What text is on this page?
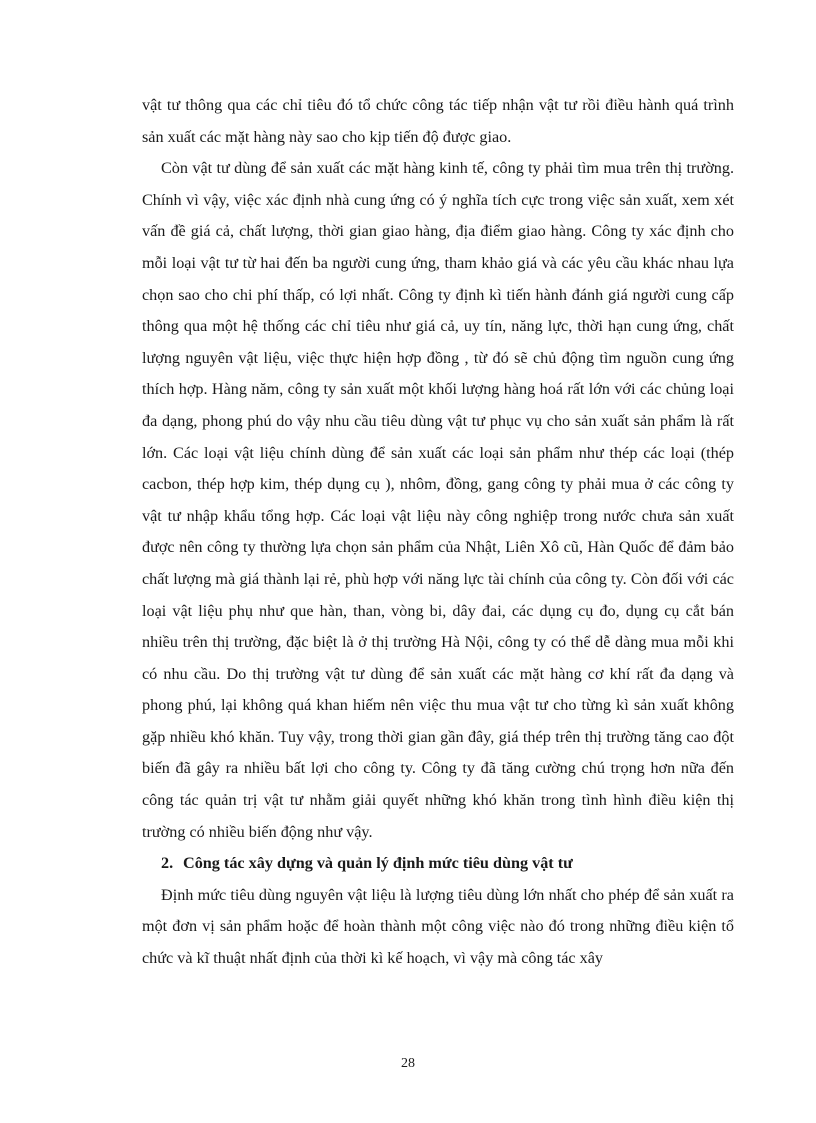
vật tư thông qua các chỉ tiêu đó tổ chức công tác tiếp nhận vật tư rồi điều hành quá trình sản xuất các mặt hàng này sao cho kịp tiến độ được giao.

Còn vật tư dùng để sản xuất các mặt hàng kinh tế, công ty phải tìm mua trên thị trường. Chính vì vậy, việc xác định nhà cung ứng có ý nghĩa tích cực trong việc sản xuất, xem xét vấn đề giá cả, chất lượng, thời gian giao hàng, địa điểm giao hàng. Công ty xác định cho mỗi loại vật tư từ hai đến ba người cung ứng, tham khảo giá và các yêu cầu khác nhau lựa chọn sao cho chi phí thấp, có lợi nhất. Công ty định kì tiến hành đánh giá người cung cấp thông qua một hệ thống các chỉ tiêu như giá cả, uy tín, năng lực, thời hạn cung ứng, chất lượng nguyên vật liệu, việc thực hiện hợp đồng , từ đó sẽ chủ động tìm nguồn cung ứng thích hợp. Hàng năm, công ty sản xuất một khối lượng hàng hoá rất lớn với các chủng loại đa dạng, phong phú do vậy nhu cầu tiêu dùng vật tư phục vụ cho sản xuất sản phẩm là rất lớn. Các loại vật liệu chính dùng để sản xuất các loại sản phẩm như thép các loại (thép cacbon, thép hợp kim, thép dụng cụ ), nhôm, đồng, gang công ty phải mua ở các công ty vật tư nhập khẩu tổng hợp. Các loại vật liệu này công nghiệp trong nước chưa sản xuất được nên công ty thường lựa chọn sản phẩm của Nhật, Liên Xô cũ, Hàn Quốc để đảm bảo chất lượng mà giá thành lại rẻ, phù hợp với năng lực tài chính của công ty. Còn đối với các loại vật liệu phụ như que hàn, than, vòng bi, dây đai, các dụng cụ đo, dụng cụ cắt bán nhiều trên thị trường, đặc biệt là ở thị trường Hà Nội, công ty có thể dễ dàng mua mỗi khi có nhu cầu. Do thị trường vật tư dùng để sản xuất các mặt hàng cơ khí rất đa dạng và phong phú, lại không quá khan hiếm nên việc thu mua vật tư cho từng kì sản xuất không gặp nhiều khó khăn. Tuy vậy, trong thời gian gần đây, giá thép trên thị trường tăng cao đột biến đã gây ra nhiều bất lợi cho công ty. Công ty đã tăng cường chú trọng hơn nữa đến công tác quản trị vật tư nhằm giải quyết những khó khăn trong tình hình điều kiện thị trường có nhiều biến động như vậy.

2. Công tác xây dựng và quản lý định mức tiêu dùng vật tư

Định mức tiêu dùng nguyên vật liệu là lượng tiêu dùng lớn nhất cho phép để sản xuất ra một đơn vị sản phẩm hoặc để hoàn thành một công việc nào đó trong những điều kiện tổ chức và kĩ thuật nhất định của thời kì kế hoạch, vì vậy mà công tác xây

28
